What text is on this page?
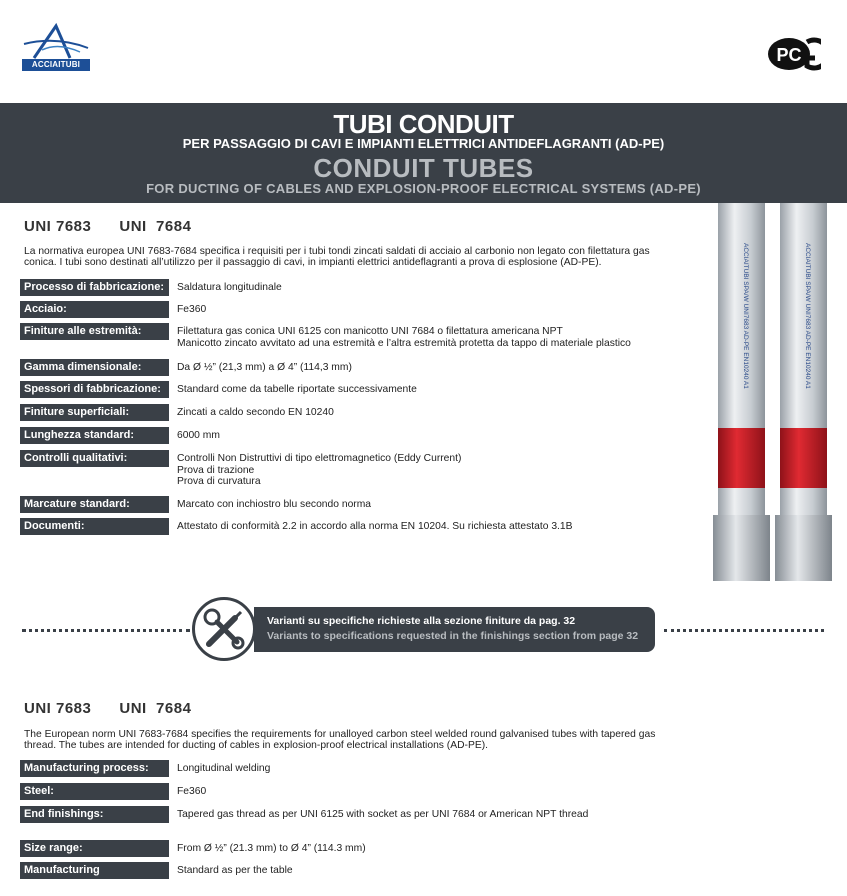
ACCIAITUBI	PC
TUBI CONDUIT
PER PASSAGGIO DI CAVI E IMPIANTI ELETTRICI ANTIDEFLAGRANTI (AD-PE)
CONDUIT TUBES
FOR DUCTING OF CABLES AND EXPLOSION-PROOF ELECTRICAL SYSTEMS (AD-PE)
UNI 7683 UNI  7684
La normativa europea UNI 7683-7684 specifica i requisiti per i tubi tondi zincati saldati di acciaio al carbonio non legato con filettatura gas conica. I tubi sono destinati all’utilizzo per il passaggio di cavi, in impianti elettrici antideflagranti a prova di esplosione (AD-PE).
Processo di fabbricazione:	Saldatura longitudinale
Acciaio:	Fe360
Finiture alle estremità:	Filettatura gas conica UNI 6125 con manicotto UNI 7684 o filettatura americana NPT
Manicotto zincato avvitato ad una estremità e l’altra estremità protetta da tappo di materiale plastico
Gamma dimensionale:	Da Ø ½” (21,3 mm) a Ø 4” (114,3 mm)
Spessori di fabbricazione:	Standard come da tabelle riportate successivamente
Finiture superficiali:	Zincati a caldo secondo EN 10240
Lunghezza standard:	6000 mm
Controlli qualitativi:	Controlli Non Distruttivi di tipo elettromagnetico (Eddy Current)
Prova di trazione
Prova di curvatura
Marcature standard:	Marcato con inchiostro blu secondo norma
Documenti:	Attestato di conformità 2.2 in accordo alla norma EN 10204. Su richiesta attestato 3.1B
ACCIAITUBI SPA/W UNI7683 AD-PE EN10240 A1	ACCIAITUBI SPA/W UNI7683 AD-PE EN10240 A1
Varianti su specifiche richieste alla sezione finiture da pag. 32
Variants to specifications requested in the finishings section from page 32
UNI 7683 UNI  7684
The European norm UNI 7683-7684 specifies the requirements for unalloyed carbon steel welded round galvanised tubes with tapered gas thread. The tubes are intended for ducting of cables in explosion-proof electrical installations (AD-PE).
Manufacturing process:	Longitudinal welding
Steel:	Fe360
End finishings:	Tapered gas thread as per UNI 6125 with socket as per UNI 7684 or American NPT thread
Size range:	From Ø ½” (21.3 mm) to Ø 4” (114.3 mm)
Manufacturing thicknesses:
Standard as per the table
